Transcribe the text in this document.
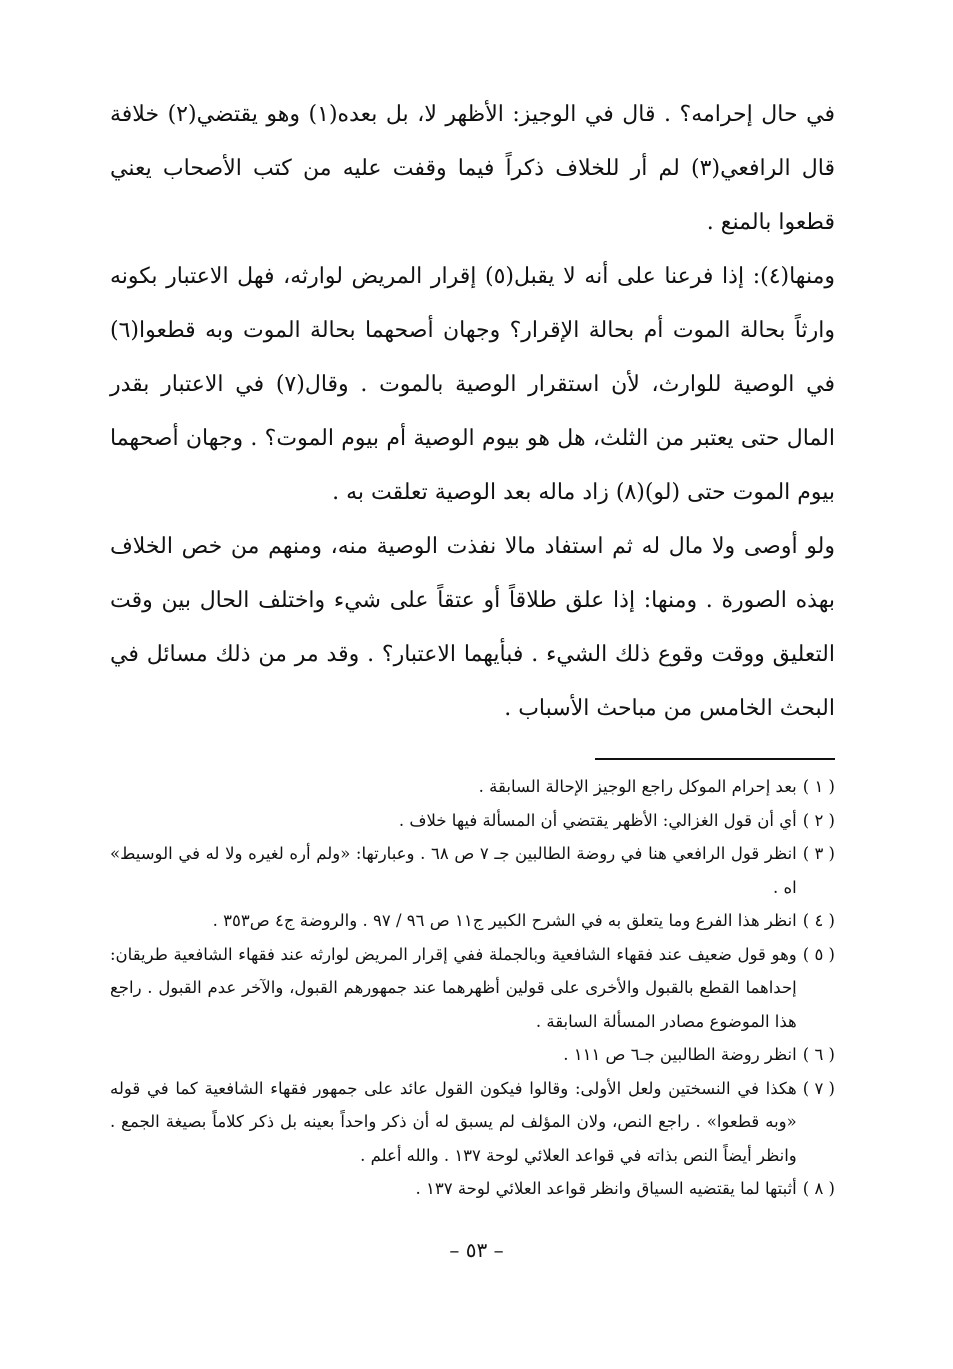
في حال إحرامه؟ . قال في الوجيز: الأظهر لا، بل بعده(١) وهو يقتضي(٢) خلافة قال الرافعي(٣) لم أر للخلاف ذكراً فيما وقفت عليه من كتب الأصحاب يعني قطعوا بالمنع .

ومنها(٤): إذا فرعنا على أنه لا يقبل(٥) إقرار المريض لوارثه، فهل الاعتبار بكونه وارثاً بحالة الموت أم بحالة الإقرار؟ وجهان أصحهما بحالة الموت وبه قطعوا(٦) في الوصية للوارث، لأن استقرار الوصية بالموت . وقال(٧) في الاعتبار بقدر المال حتى يعتبر من الثلث، هل هو بيوم الوصية أم بيوم الموت؟ . وجهان أصحهما بيوم الموت حتى (لو)(٨) زاد ماله بعد الوصية تعلقت به .

ولو أوصى ولا مال له ثم استفاد مالا نفذت الوصية منه، ومنهم من خص الخلاف بهذه الصورة . ومنها: إذا علق طلاقاً أو عتقاً على شيء واختلف الحال بين وقت التعليق ووقت وقوع ذلك الشيء . فبأيهما الاعتبار؟ . وقد مر من ذلك مسائل في البحث الخامس من مباحث الأسباب .

( ١ )
بعد إحرام الموكل راجع الوجيز الإحالة السابقة .
( ٢ )
أي أن قول الغزالي: الأظهر يقتضي أن المسألة فيها خلاف .
( ٣ )
انظر قول الرافعي هنا في روضة الطالبين جـ ٧ ص ٦٨ . وعبارتها: «ولم أره لغيره ولا له في الوسيط» اه .
( ٤ )
انظر هذا الفرع وما يتعلق به في الشرح الكبير ج١١ ص ٩٦ / ٩٧ . والروضة ج٤ ص٣٥٣ .
( ٥ )
وهو قول ضعيف عند فقهاء الشافعية وبالجملة ففي إقرار المريض لوارثه عند فقهاء الشافعية طريقان: إحداهما القطع بالقبول والأخرى على قولين أظهرهما عند جمهورهم القبول، والآخر عدم القبول . راجع هذا الموضوع مصادر المسألة السابقة .
( ٦ )
انظر روضة الطالبين جـ٦ ص ١١١ .
( ٧ )
هكذا في النسختين ولعل الأولى: وقالوا فيكون القول عائد على جمهور فقهاء الشافعية كما في قوله «وبه قطعوا» . راجع النص، ولان المؤلف لم يسبق له أن ذكر واحداً بعينه بل ذكر كلاماً بصيغة الجمع . وانظر أيضاً النص بذاته في قواعد العلائي لوحة ١٣٧ . والله أعلم .
( ٨ )
أثبتها لما يقتضيه السياق وانظر قواعد العلائي لوحة ١٣٧ .
– ٥٣ –
